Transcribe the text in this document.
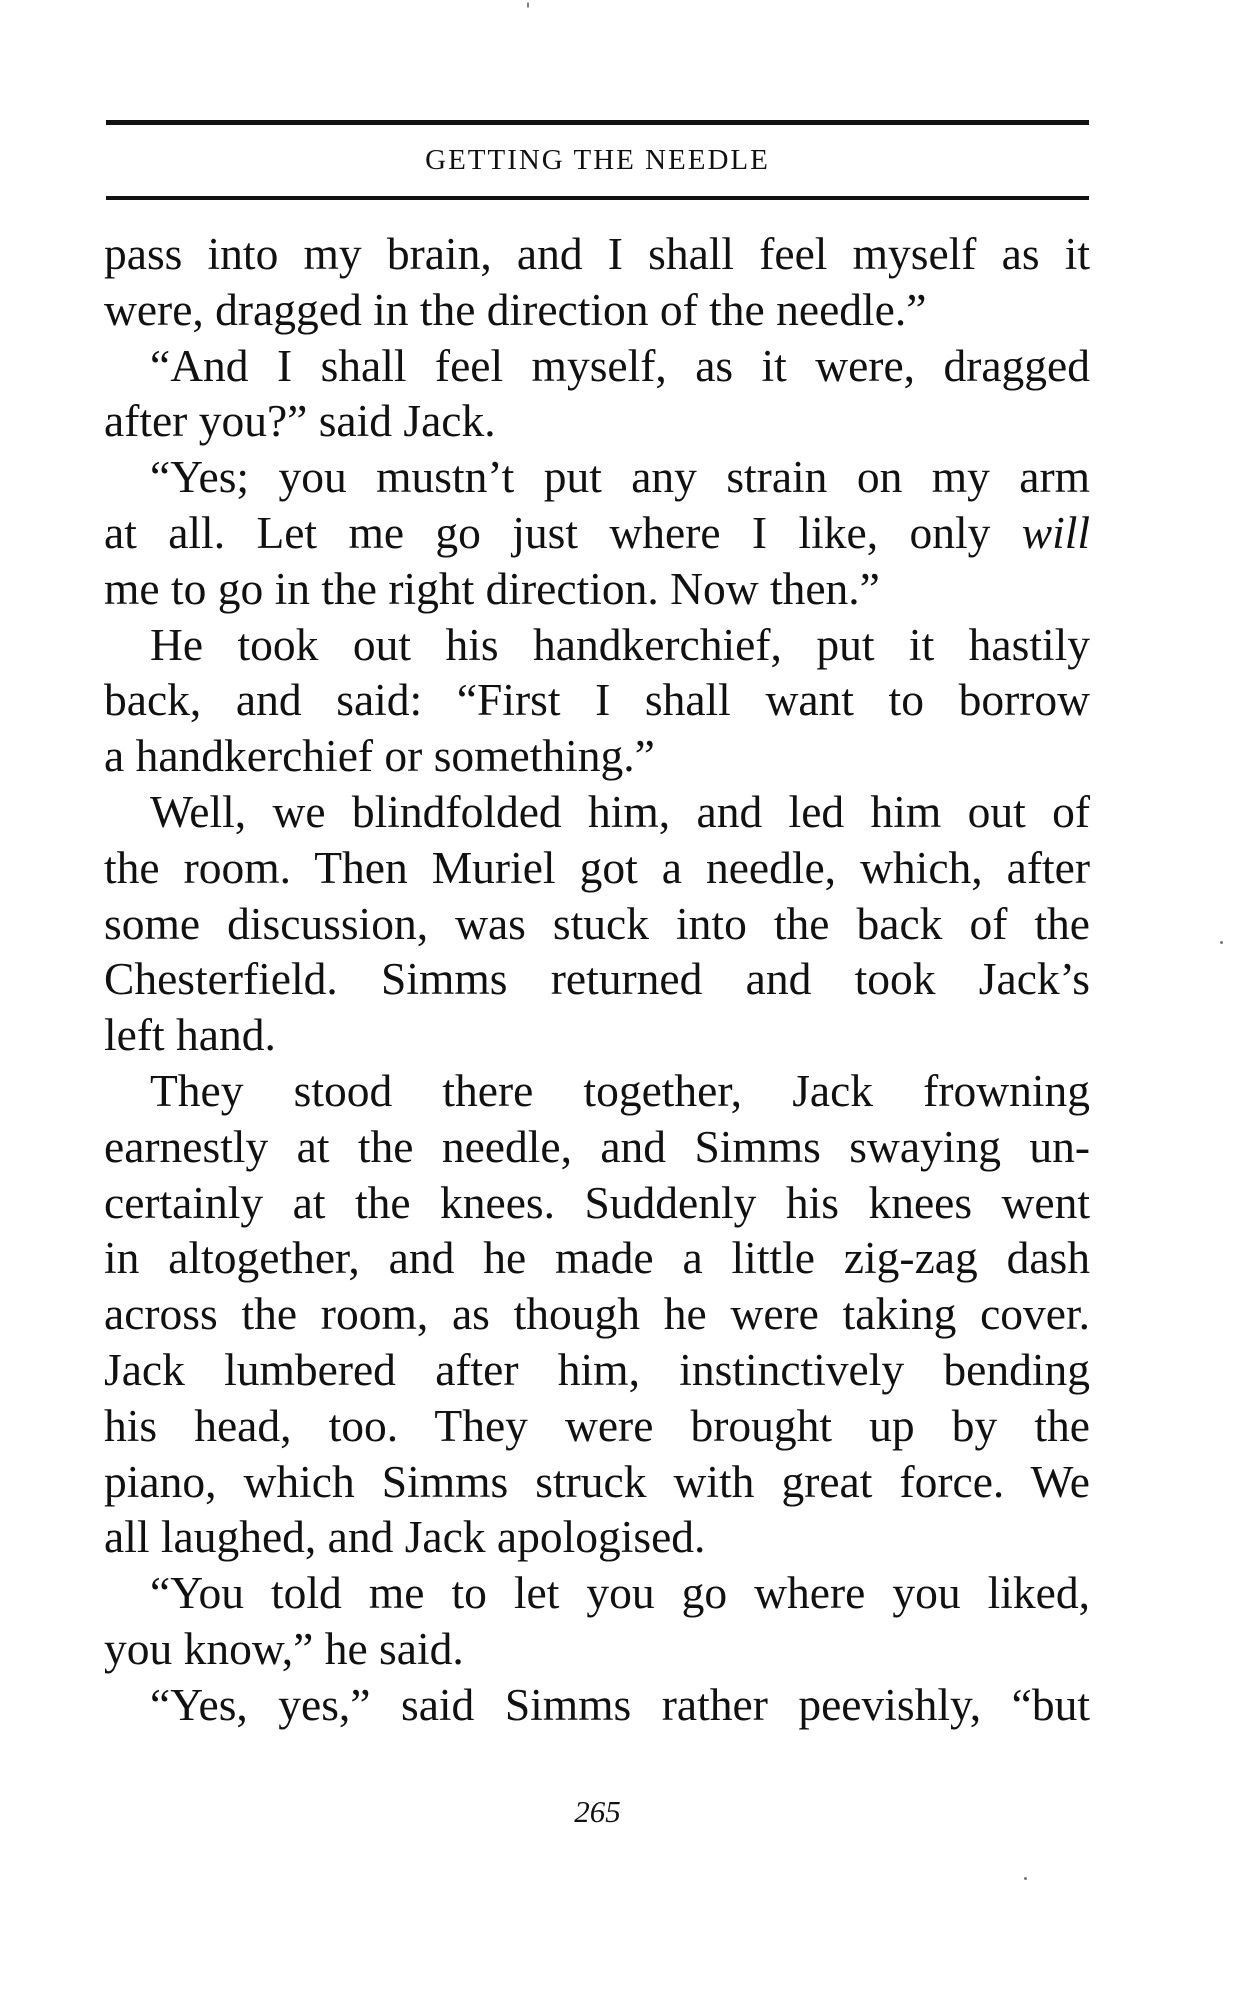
GETTING THE NEEDLE
pass into my brain, and I shall feel myself as it
were, dragged in the direction of the needle.”
“And I shall feel myself, as it were, dragged
after you?” said Jack.
“Yes; you mustn’t put any strain on my arm
at all. Let me go just where I like, only will
me to go in the right direction. Now then.”
He took out his handkerchief, put it hastily
back, and said: “First I shall want to borrow
a handkerchief or something.”
Well, we blindfolded him, and led him out of
the room. Then Muriel got a needle, which, after
some discussion, was stuck into the back of the
Chesterfield. Simms returned and took Jack’s
left hand.
They stood there together, Jack frowning
earnestly at the needle, and Simms swaying un-
certainly at the knees. Suddenly his knees went
in altogether, and he made a little zig-zag dash
across the room, as though he were taking cover.
Jack lumbered after him, instinctively bending
his head, too. They were brought up by the
piano, which Simms struck with great force. We
all laughed, and Jack apologised.
“You told me to let you go where you liked,
you know,” he said.
“Yes, yes,” said Simms rather peevishly, “but
265
